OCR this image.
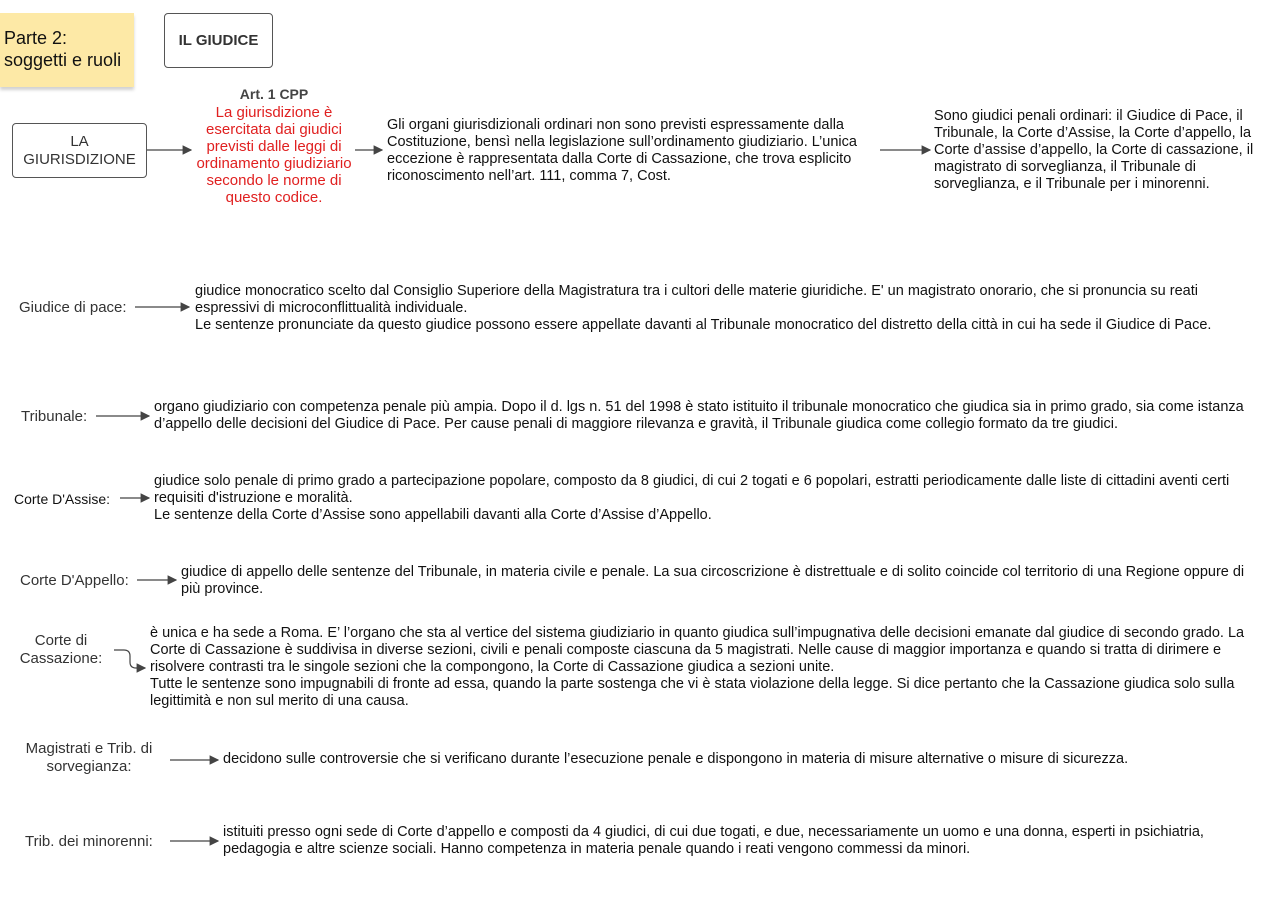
Parte 2:
soggetti e ruoli
IL GIUDICE
LA
GIURISDIZIONE
Art. 1 CPP
La giurisdizione è esercitata dai giudici previsti dalle leggi di ordinamento giudiziario secondo le norme di questo codice.
Gli organi giurisdizionali ordinari non sono previsti espressamente dalla Costituzione, bensì nella legislazione sull’ordinamento giudiziario. L’unica eccezione è rappresentata dalla Corte di Cassazione, che trova esplicito riconoscimento nell’art. 111, comma 7, Cost.
Sono giudici penali ordinari: il Giudice di Pace, il Tribunale, la Corte d’Assise, la Corte d’appello, la Corte d’assise d’appello, la Corte di cassazione, il magistrato di sorveglianza, il Tribunale di sorveglianza, e il Tribunale per i minorenni.
Giudice di pace:
giudice monocratico scelto dal Consiglio Superiore della Magistratura tra i cultori delle materie giuridiche. E' un magistrato onorario, che si pronuncia su reati espressivi di microconflittualità individuale.
Le sentenze pronunciate da questo giudice possono essere appellate davanti al Tribunale monocratico del distretto della città in cui ha sede il Giudice di Pace.
Tribunale:
organo giudiziario con competenza penale più ampia. Dopo il d. lgs n. 51 del 1998 è stato istituito il tribunale monocratico che giudica sia in primo grado, sia come istanza d’appello delle decisioni del Giudice di Pace. Per cause penali di maggiore rilevanza e gravità, il Tribunale giudica come collegio formato da tre giudici.
Corte D'Assise:
giudice solo penale di primo grado a partecipazione popolare, composto da 8 giudici, di cui 2 togati e 6 popolari, estratti periodicamente dalle liste di cittadini aventi certi requisiti d'istruzione e moralità.
Le sentenze della Corte d’Assise sono appellabili davanti alla Corte d’Assise d’Appello.
Corte D'Appello:	giudice di appello delle sentenze del Tribunale, in materia civile e penale. La sua circoscrizione è distrettuale e di solito coincide col territorio di una Regione oppure di più province.
Corte di
Cassazione:
è unica e ha sede a Roma. E’ l’organo che sta al vertice del sistema giudiziario in quanto giudica sull’impugnativa delle decisioni emanate dal giudice di secondo grado. La Corte di Cassazione è suddivisa in diverse sezioni, civili e penali composte ciascuna da 5 magistrati. Nelle cause di maggior importanza e quando si tratta di dirimere e risolvere contrasti tra le singole sezioni che la compongono, la Corte di Cassazione giudica a sezioni unite.
Tutte le sentenze sono impugnabili di fronte ad essa, quando la parte sostenga che vi è stata violazione della legge. Si dice pertanto che la Cassazione giudica solo sulla legittimità e non sul merito di una causa.
Magistrati e Trib. di
sorvegianza:	decidono sulle controversie che si verificano durante l’esecuzione penale e dispongono in materia di misure alternative o misure di sicurezza.
Trib. dei minorenni:
istituiti presso ogni sede di Corte d’appello e composti da 4 giudici, di cui due togati, e due, necessariamente un uomo e una donna, esperti in psichiatria, pedagogia e altre scienze sociali. Hanno competenza in materia penale quando i reati vengono commessi da minori.
